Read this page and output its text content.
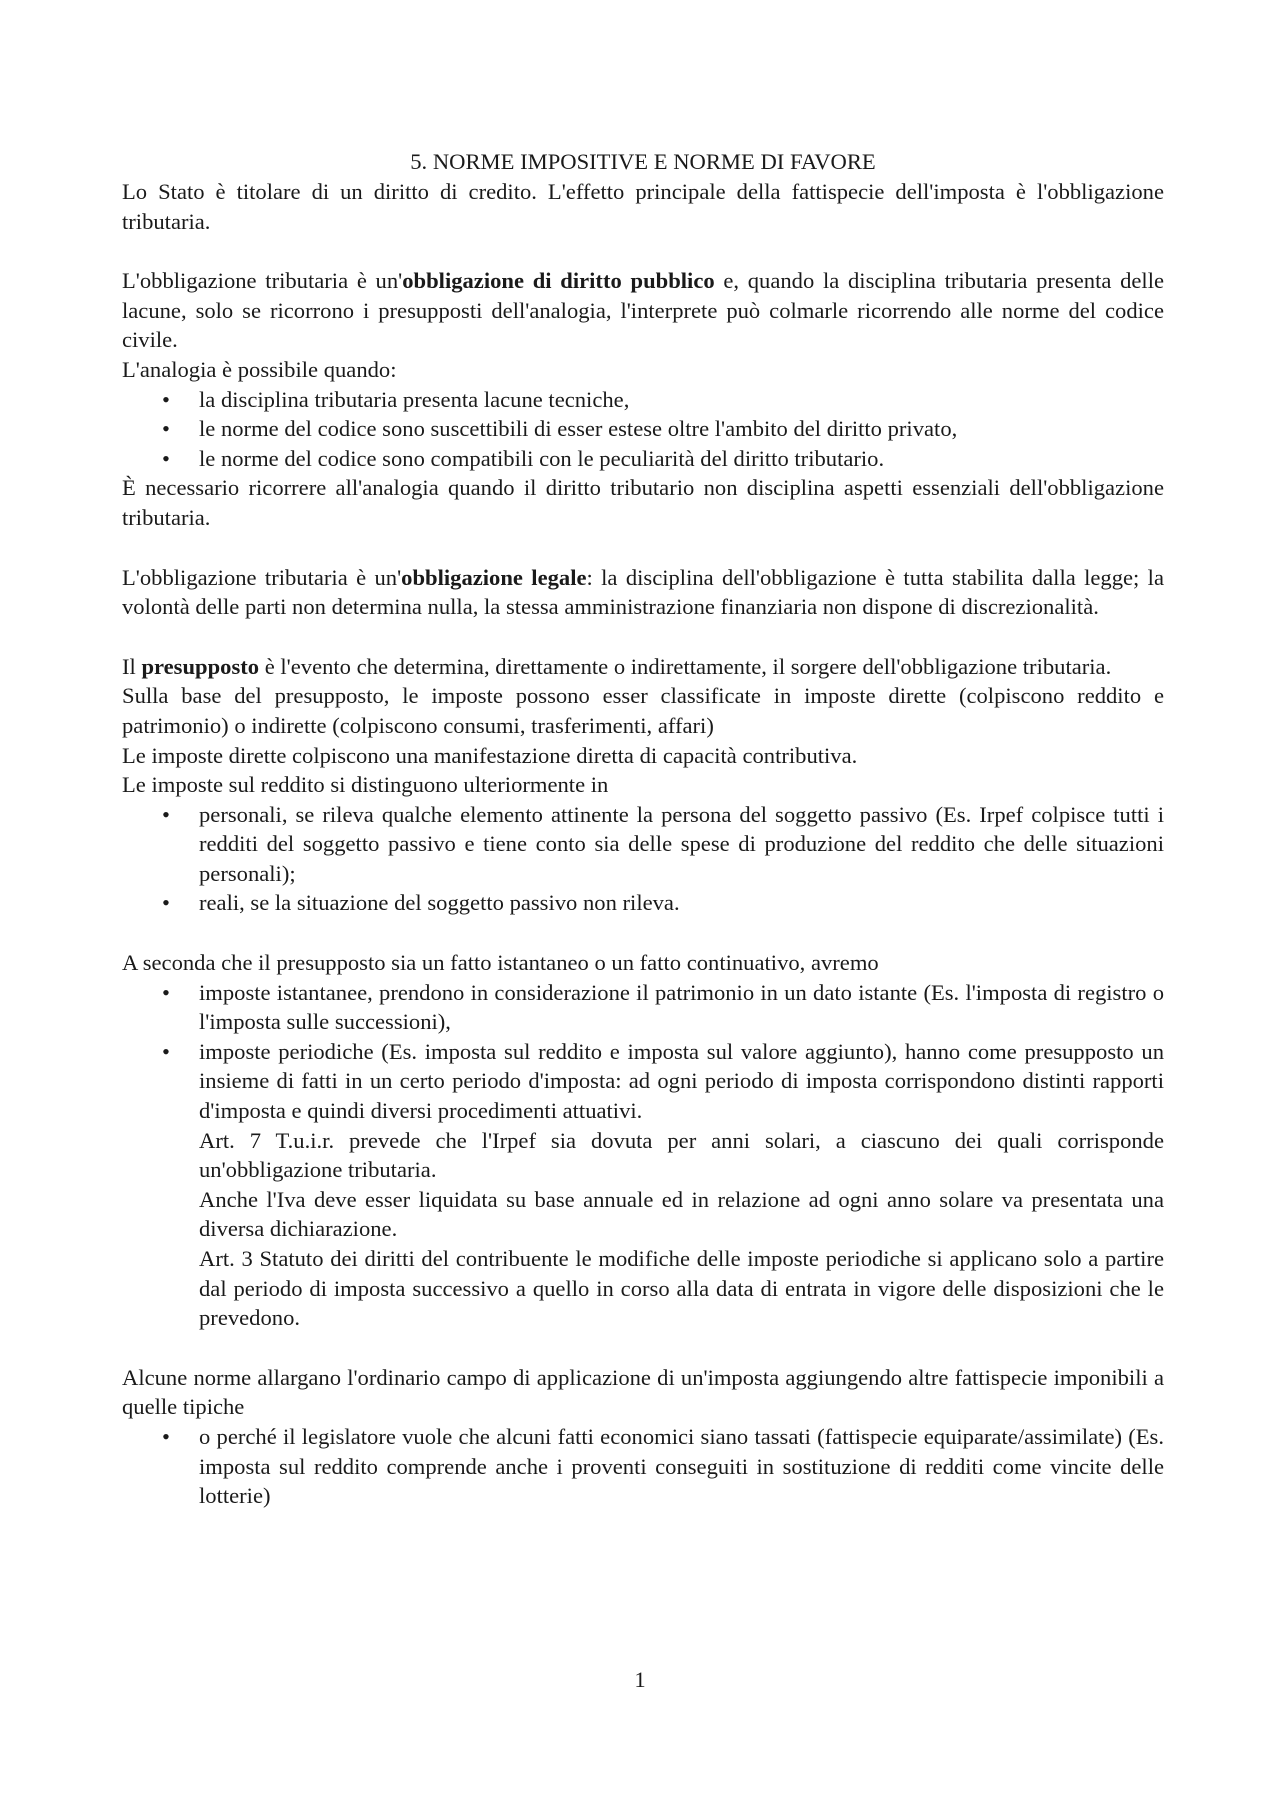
5. NORME IMPOSITIVE E NORME DI FAVORE

Lo Stato è titolare di un diritto di credito. L'effetto principale della fattispecie dell'imposta è l'obbligazione tributaria.

L'obbligazione tributaria è un'obbligazione di diritto pubblico e, quando la disciplina tributaria presenta delle lacune, solo se ricorrono i presupposti dell'analogia, l'interprete può colmarle ricorrendo alle norme del codice civile.

L'analogia è possibile quando:

• la disciplina tributaria presenta lacune tecniche,
• le norme del codice sono suscettibili di esser estese oltre l'ambito del diritto privato,
• le norme del codice sono compatibili con le peculiarità del diritto tributario.

È necessario ricorrere all'analogia quando il diritto tributario non disciplina aspetti essenziali dell'obbligazione tributaria.

L'obbligazione tributaria è un'obbligazione legale: la disciplina dell'obbligazione è tutta stabilita dalla legge; la volontà delle parti non determina nulla, la stessa amministrazione finanziaria non dispone di discrezionalità.

Il presupposto è l'evento che determina, direttamente o indirettamente, il sorgere dell'obbligazione tributaria.

Sulla base del presupposto, le imposte possono esser classificate in imposte dirette (colpiscono reddito e patrimonio) o indirette (colpiscono consumi, trasferimenti, affari)

Le imposte dirette colpiscono una manifestazione diretta di capacità contributiva.

Le imposte sul reddito si distinguono ulteriormente in

• personali, se rileva qualche elemento attinente la persona del soggetto passivo (Es. Irpef colpisce tutti i redditi del soggetto passivo e tiene conto sia delle spese di produzione del reddito che delle situazioni personali);
• reali, se la situazione del soggetto passivo non rileva.

A seconda che il presupposto sia un fatto istantaneo o un fatto continuativo, avremo

• imposte istantanee, prendono in considerazione il patrimonio in un dato istante (Es. l'imposta di registro o l'imposta sulle successioni),
• imposte periodiche (Es. imposta sul reddito e imposta sul valore aggiunto), hanno come presupposto un insieme di fatti in un certo periodo d'imposta: ad ogni periodo di imposta corrispondono distinti rapporti d'imposta e quindi diversi procedimenti attuativi.
Art. 7 T.u.i.r. prevede che l'Irpef sia dovuta per anni solari, a ciascuno dei quali corrisponde un'obbligazione tributaria.
Anche l'Iva deve esser liquidata su base annuale ed in relazione ad ogni anno solare va presentata una diversa dichiarazione.
Art. 3 Statuto dei diritti del contribuente le modifiche delle imposte periodiche si applicano solo a partire dal periodo di imposta successivo a quello in corso alla data di entrata in vigore delle disposizioni che le prevedono.

Alcune norme allargano l'ordinario campo di applicazione di un'imposta aggiungendo altre fattispecie imponibili a quelle tipiche

• o perché il legislatore vuole che alcuni fatti economici siano tassati (fattispecie equiparate/assimilate) (Es. imposta sul reddito comprende anche i proventi conseguiti in sostituzione di redditi come vincite delle lotterie)
1
